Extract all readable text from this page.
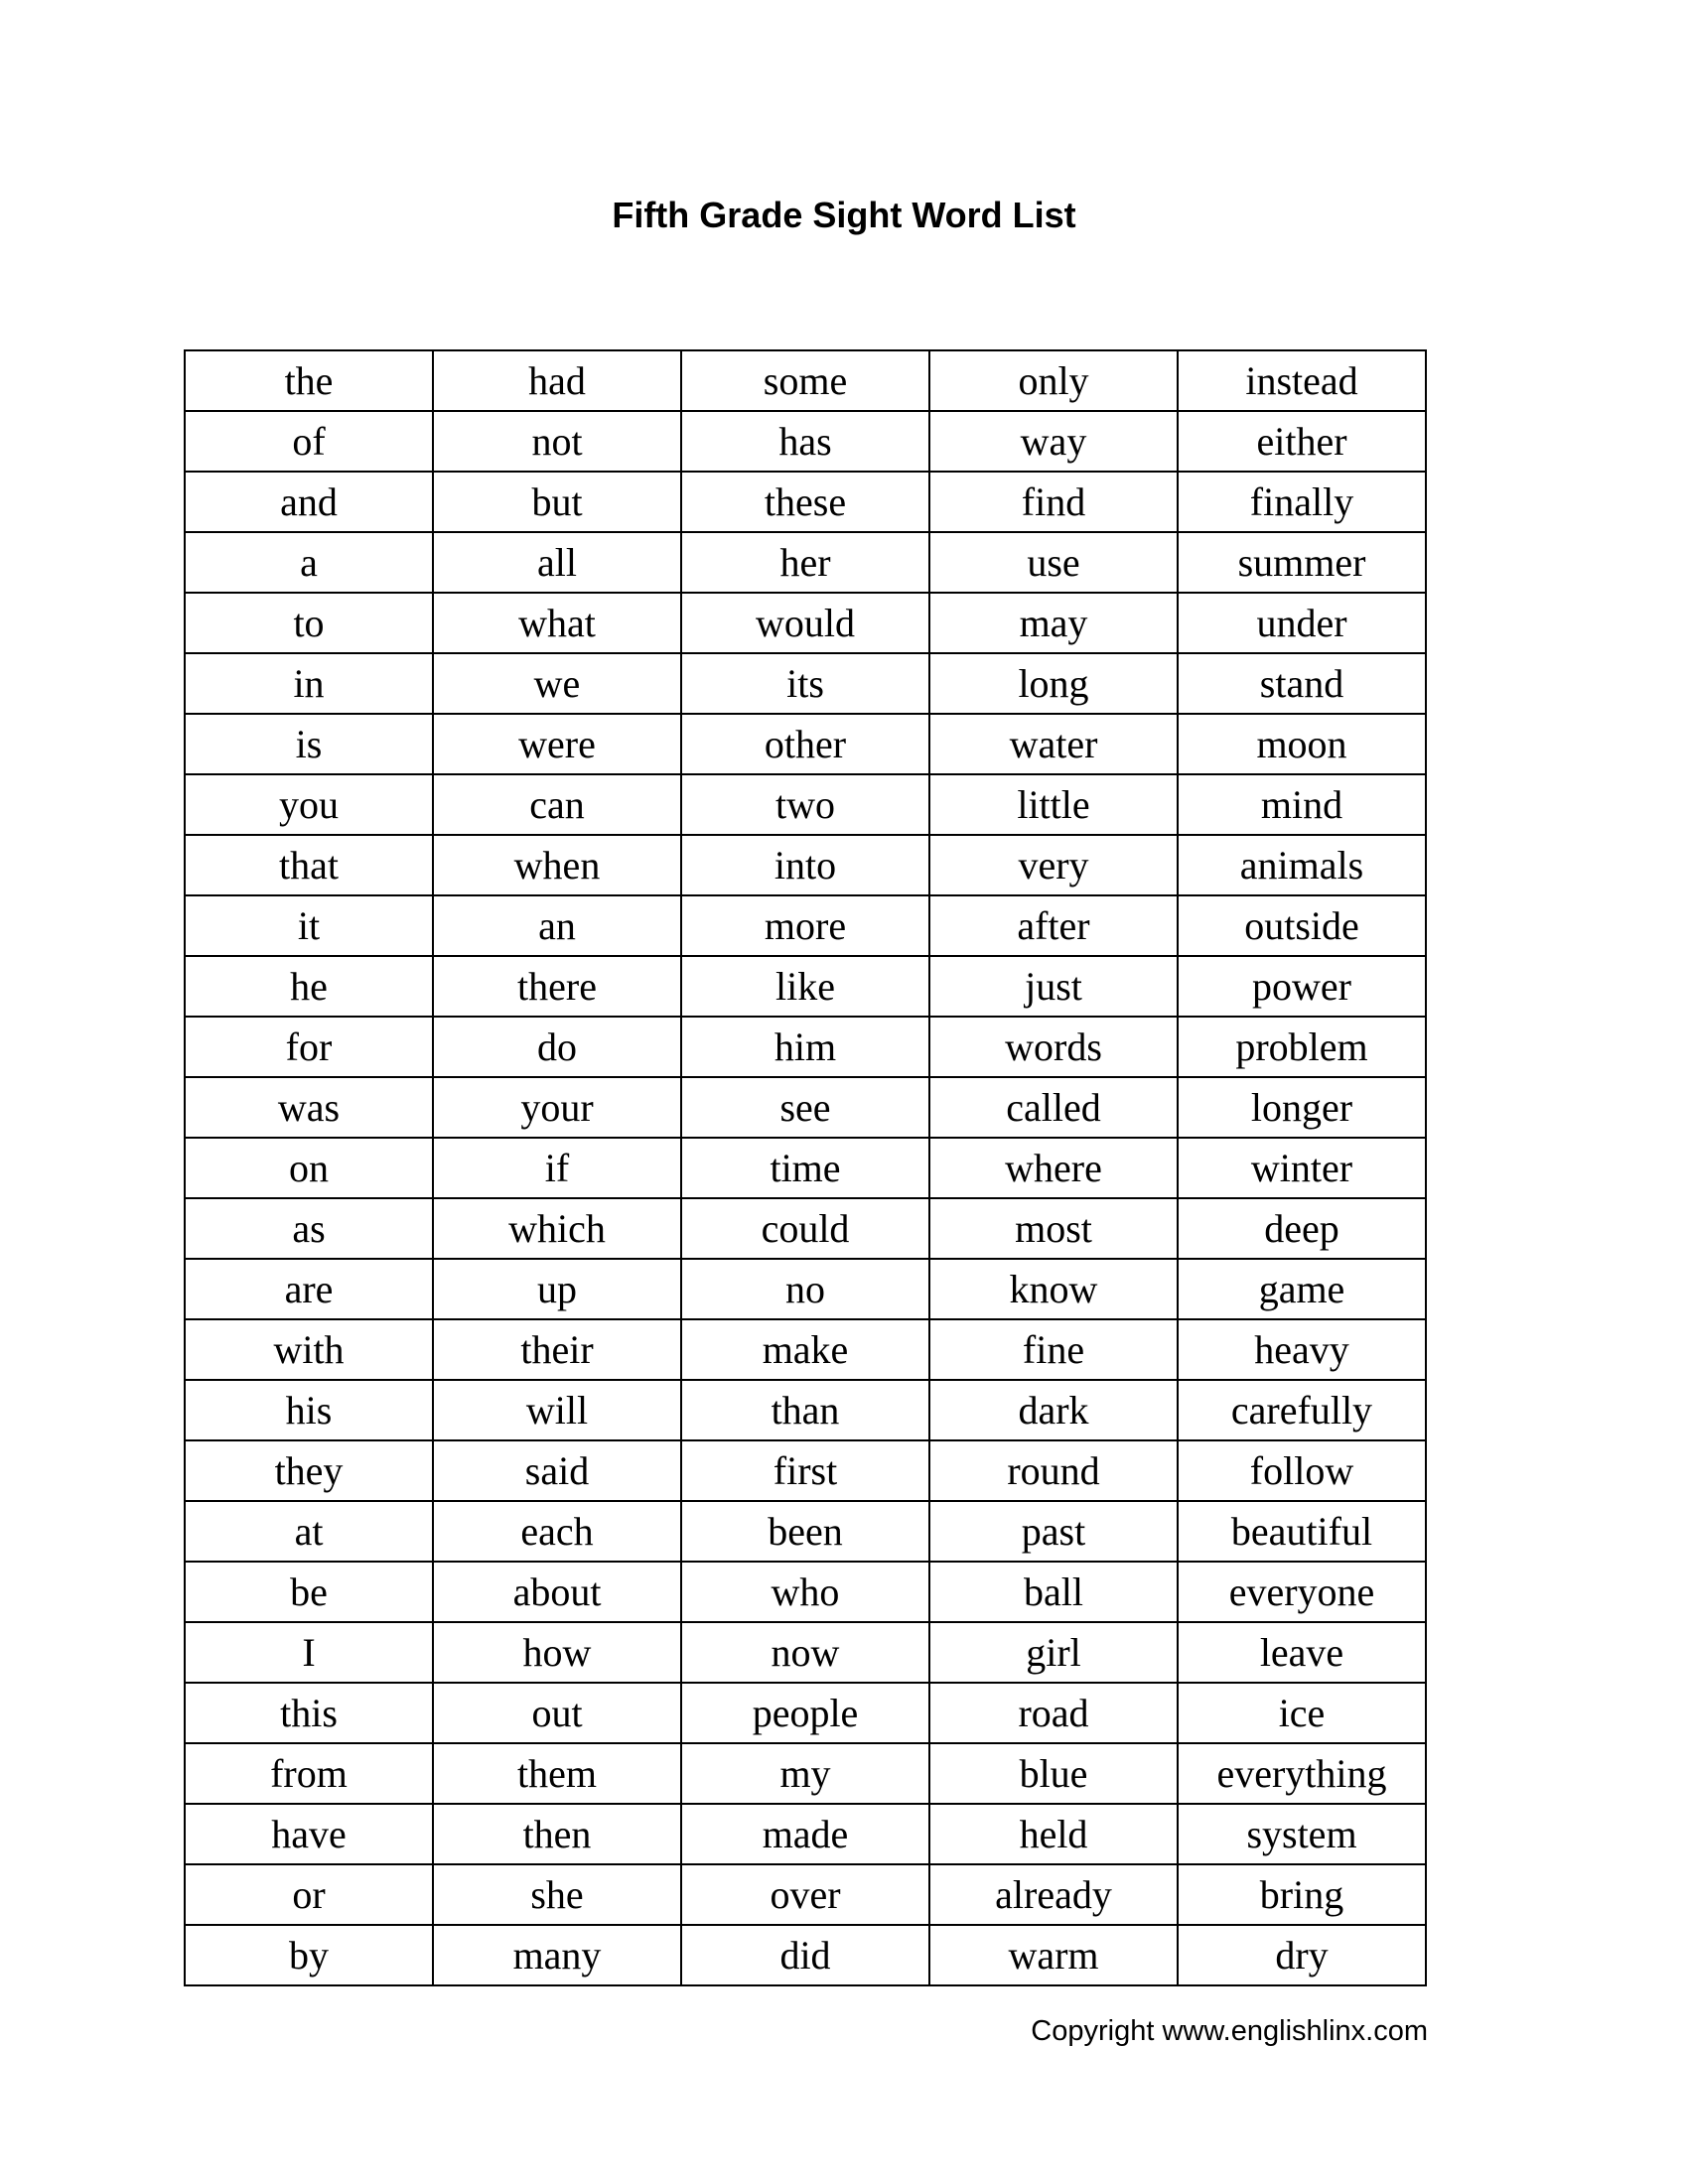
Fifth Grade Sight Word List
the	had	some	only	instead
of	not	has	way	either
and	but	these	find	finally
a	all	her	use	summer
to	what	would	may	under
in	we	its	long	stand
is	were	other	water	moon
you	can	two	little	mind
that	when	into	very	animals
it	an	more	after	outside
he	there	like	just	power
for	do	him	words	problem
was	your	see	called	longer
on	if	time	where	winter
as	which	could	most	deep
are	up	no	know	game
with	their	make	fine	heavy
his	will	than	dark	carefully
they	said	first	round	follow
at	each	been	past	beautiful
be	about	who	ball	everyone
I	how	now	girl	leave
this	out	people	road	ice
from	them	my	blue	everything
have	then	made	held	system
or	she	over	already	bring
by	many	did	warm	dry
Copyright www.englishlinx.com
